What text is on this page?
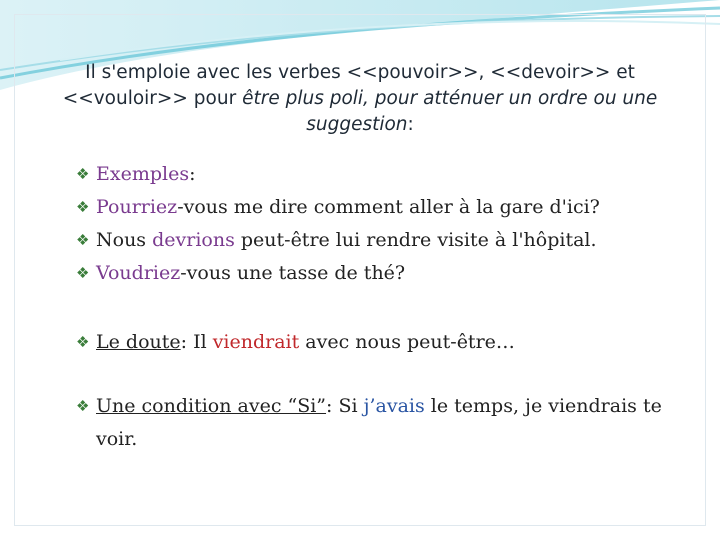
Il s'emploie avec les verbes <<pouvoir>>, <<devoir>> et <<vouloir>> pour être plus poli, pour atténuer un ordre ou une suggestion:
❖ Exemples:
❖ Pourriez-vous me dire comment aller à la gare d'ici?
❖ Nous devrions peut-être lui rendre visite à l'hôpital.
❖ Voudriez-vous une tasse de thé?
❖ Le doute: Il viendrait avec nous peut-être…
❖ Une condition avec “Si”: Si j’avais le temps, je viendrais te voir.
